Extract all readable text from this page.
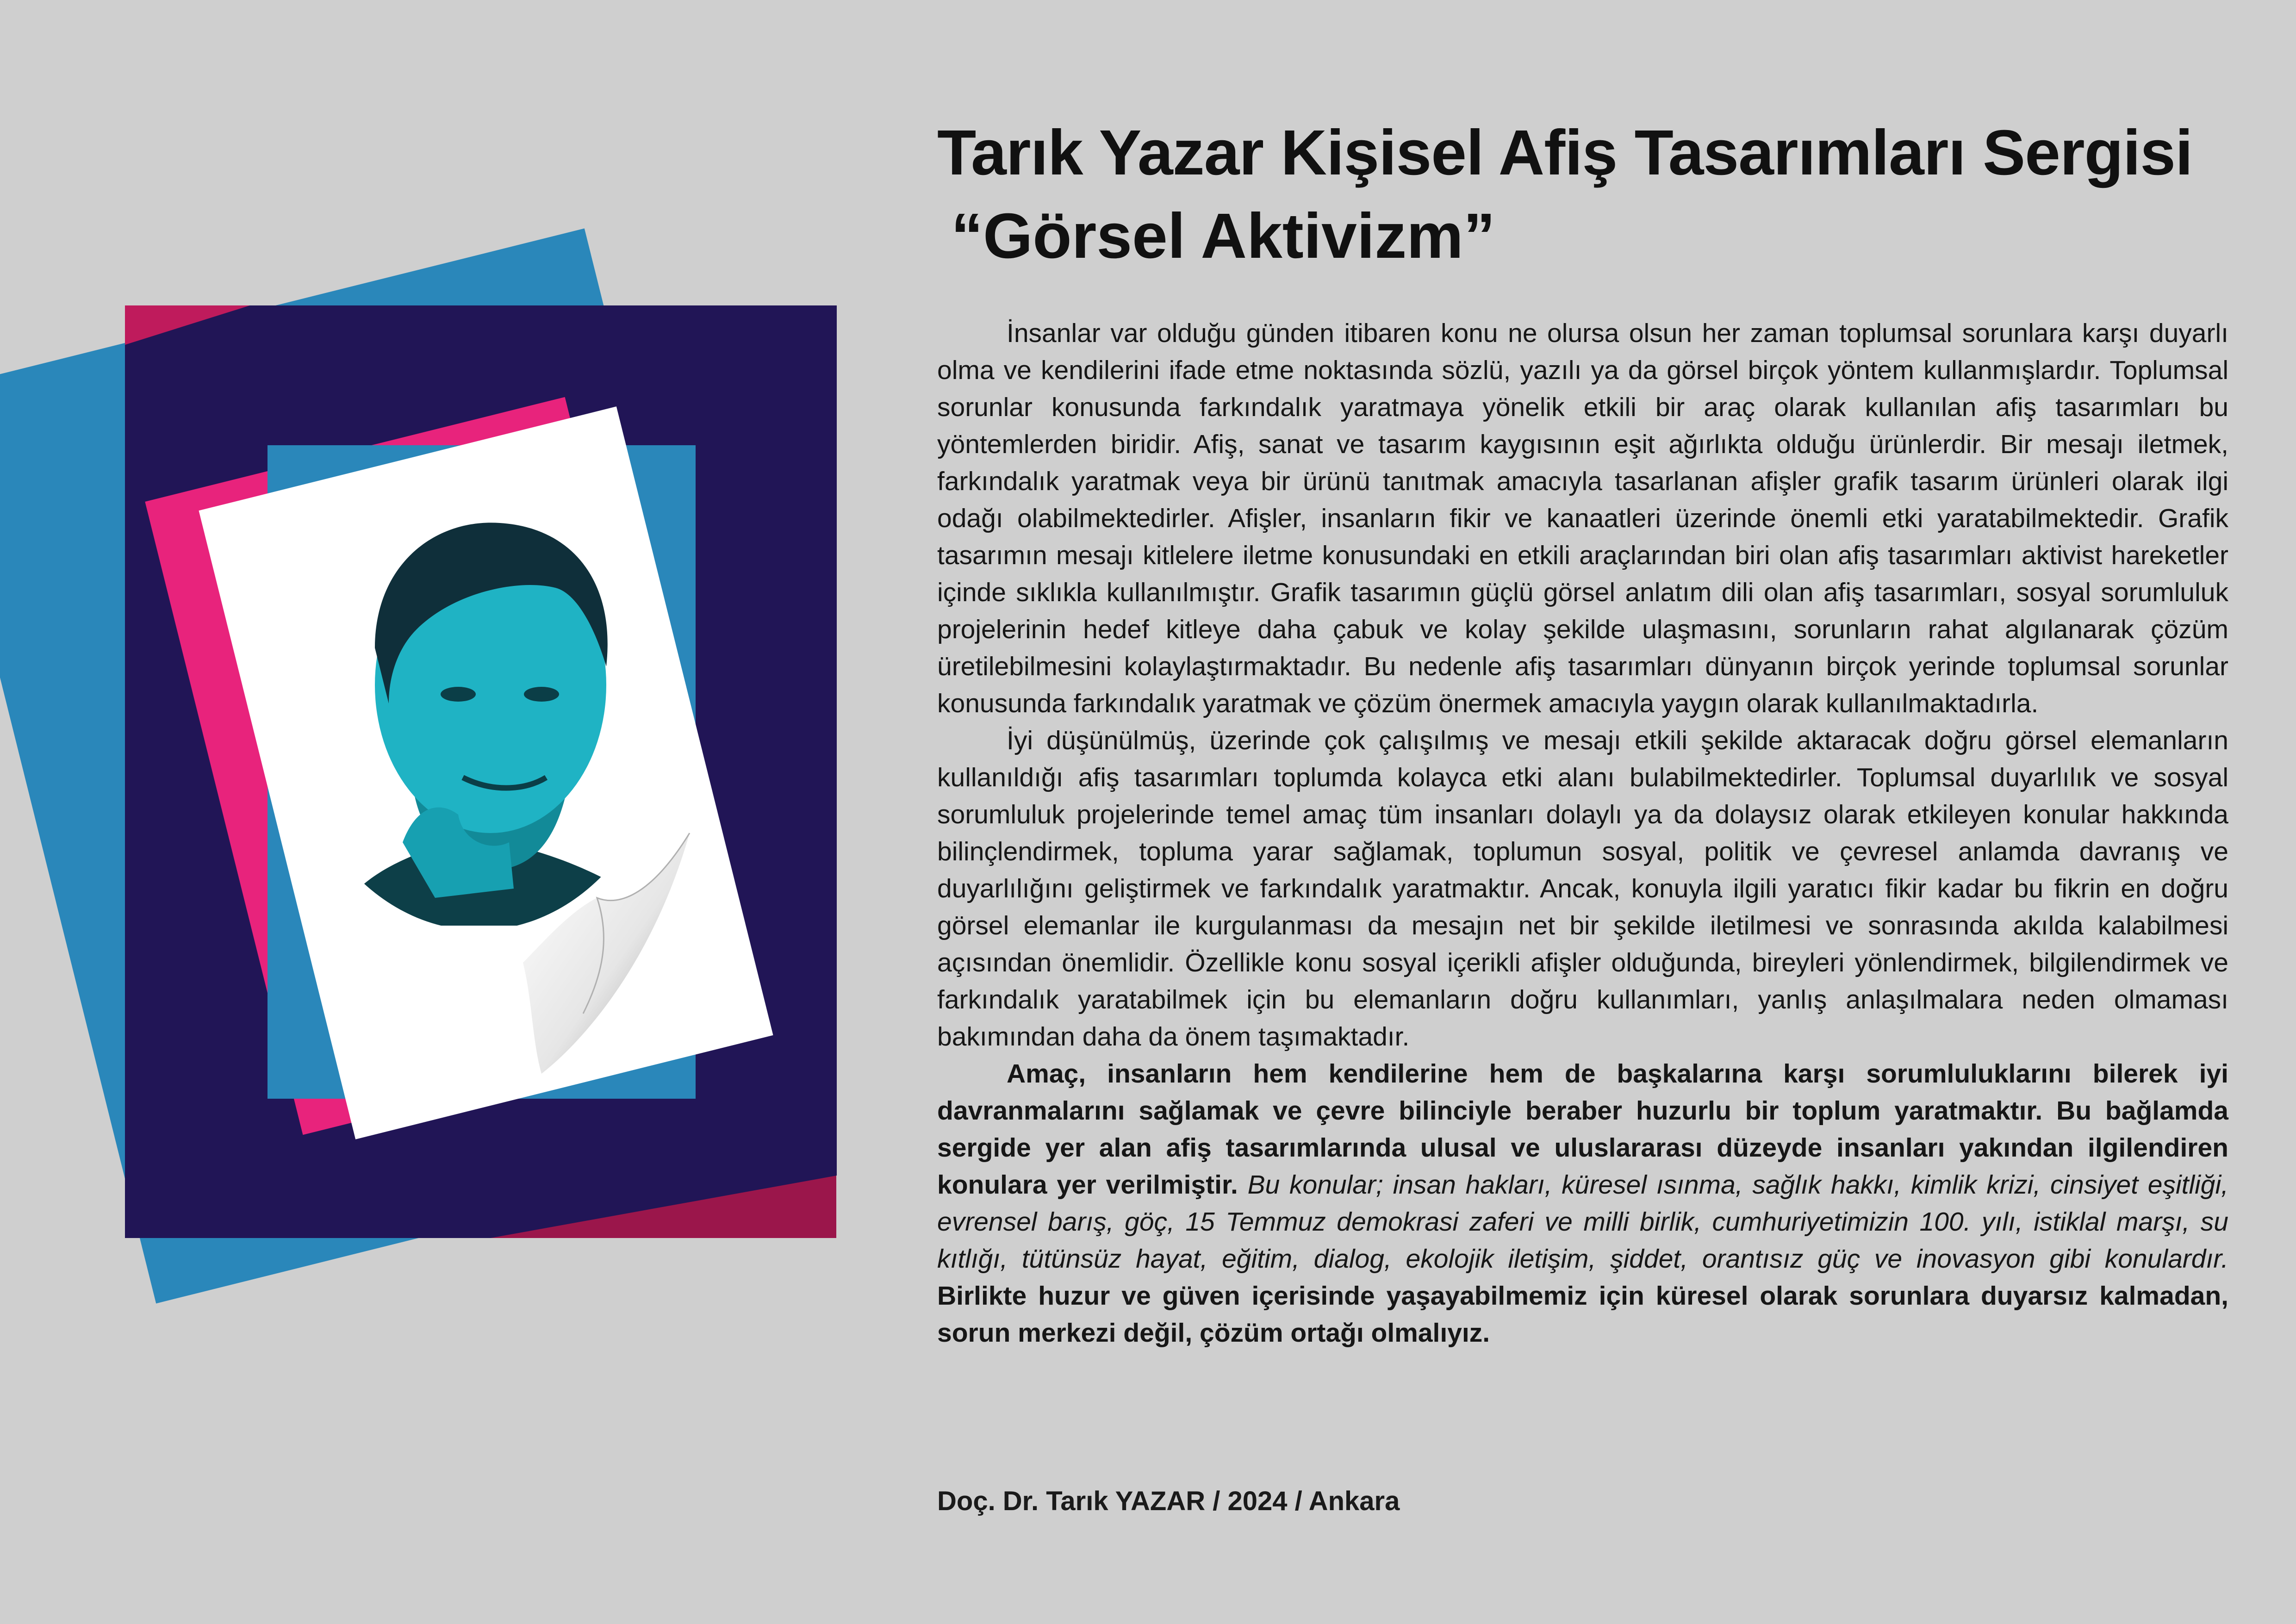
Tarık Yazar Kişisel Afiş Tasarımları Sergisi
“Görsel Aktivizm”

İnsanlar var olduğu günden itibaren konu ne olursa olsun her zaman toplumsal sorunlara karşı duyarlı olma ve kendilerini ifade etme noktasında sözlü, yazılı ya da görsel birçok yöntem kullanmışlardır. Toplumsal sorunlar konusunda farkındalık yaratmaya yönelik etkili bir araç olarak kullanılan afiş tasarımları bu yöntemlerden biridir. Afiş, sanat ve tasarım kaygısının eşit ağırlıkta olduğu ürünlerdir. Bir mesajı iletmek, farkındalık yaratmak veya bir ürünü tanıtmak amacıyla tasarlanan afişler grafik tasarım ürünleri olarak ilgi odağı olabilmektedirler. Afişler, insanların fikir ve kanaatleri üzerinde önemli etki yaratabilmektedir. Grafik tasarımın mesajı kitlelere iletme konusundaki en etkili araçlarından biri olan afiş tasarımları aktivist hareketler içinde sıklıkla kullanılmıştır. Grafik tasarımın güçlü görsel anlatım dili olan afiş tasarımları, sosyal sorumluluk projelerinin hedef kitleye daha çabuk ve kolay şekilde ulaşmasını, sorunların rahat algılanarak çözüm üretilebilmesini kolaylaştırmaktadır. Bu nedenle afiş tasarımları dünyanın birçok yerinde toplumsal sorunlar konusunda farkındalık yaratmak ve çözüm önermek amacıyla yaygın olarak kullanılmaktadırla.

İyi düşünülmüş, üzerinde çok çalışılmış ve mesajı etkili şekilde aktaracak doğru görsel elemanların kullanıldığı afiş tasarımları toplumda kolayca etki alanı bulabilmektedirler. Toplumsal duyarlılık ve sosyal sorumluluk projelerinde temel amaç tüm insanları dolaylı ya da dolaysız olarak etkileyen konular hakkında bilinçlendirmek, topluma yarar sağlamak, toplumun sosyal, politik ve çevresel anlamda davranış ve duyarlılığını geliştirmek ve farkındalık yaratmaktır. Ancak, konuyla ilgili yaratıcı fikir kadar bu fikrin en doğru görsel elemanlar ile kurgulanması da mesajın net bir şekilde iletilmesi ve sonrasında akılda kalabilmesi açısından önemlidir. Özellikle konu sosyal içerikli afişler olduğunda, bireyleri yönlendirmek, bilgilendirmek ve farkındalık yaratabilmek için bu elemanların doğru kullanımları, yanlış anlaşılmalara neden olmaması bakımından daha da önem taşımaktadır.

Amaç, insanların hem kendilerine hem de başkalarına karşı sorumluluklarını bilerek iyi davranmalarını sağlamak ve çevre bilinciyle beraber huzurlu bir toplum yaratmaktır. Bu bağlamda sergide yer alan afiş tasarımlarında ulusal ve uluslararası düzeyde insanları yakından ilgilendiren konulara yer verilmiştir. Bu konular; insan hakları, küresel ısınma, sağlık hakkı, kimlik krizi, cinsiyet eşitliği, evrensel barış, göç, 15 Temmuz demokrasi zaferi ve milli birlik, cumhuriyetimizin 100. yılı, istiklal marşı, su kıtlığı, tütünsüz hayat, eğitim, dialog, ekolojik iletişim, şiddet, orantısız güç ve inovasyon gibi konulardır. Birlikte huzur ve güven içerisinde yaşayabilmemiz için küresel olarak sorunlara duyarsız kalmadan, sorun merkezi değil, çözüm ortağı olmalıyız.

Doç. Dr. Tarık YAZAR / 2024 / Ankara
